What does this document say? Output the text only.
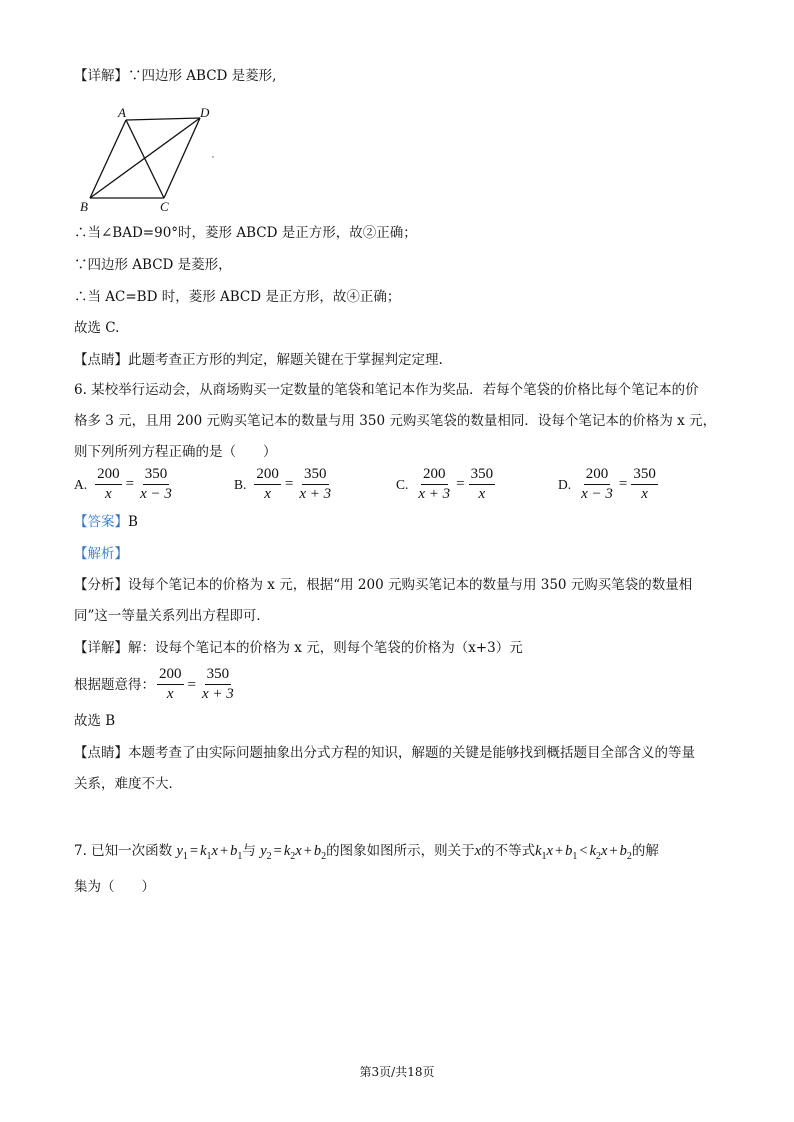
【详解】∵四边形 ABCD 是菱形,
A	D
B	C
∴当∠BAD=90°时，菱形 ABCD 是正方形，故②正确；
∵四边形 ABCD 是菱形，
∴当 AC=BD 时，菱形 ABCD 是正方形，故④正确；
故选 C.
【点睛】此题考查正方形的判定，解题关键在于掌握判定定理.
6. 某校举行运动会，从商场购买一定数量的笔袋和笔记本作为奖品．若每个笔袋的价格比每个笔记本的价
格多 3 元，且用 200 元购买笔记本的数量与用 350 元购买笔袋的数量相同．设每个笔记本的价格为 x 元，
则下列所列方程正确的是（　　）
A. $\frac{200}{x} = \frac{350}{x - 3}$	B. $\frac{200}{x} = \frac{350}{x + 3}$	C. $\frac{200}{x + 3} = \frac{350}{x}$	D. $\frac{200}{x - 3} = \frac{350}{x}$
【答案】B
【解析】
【分析】设每个笔记本的价格为 x 元，根据“用 200 元购买笔记本的数量与用 350 元购买笔袋的数量相
同”这一等量关系列出方程即可．
【详解】解：设每个笔记本的价格为 x 元，则每个笔袋的价格为（x+3）元
根据题意得： $\frac{200}{x} = \frac{350}{x + 3}$
故选 B
【点睛】本题考查了由实际问题抽象出分式方程的知识，解题的关键是能够找到概括题目全部含义的等量
关系，难度不大．
7. 已知一次函数 $y_1 = k_1x + b_1$与 $y_2 = k_2x + b_2$的图象如图所示，则关于x的不等式$k_1x + b_1 < k_2x + b_2$的解
集为（　　）
第3页/共18页
